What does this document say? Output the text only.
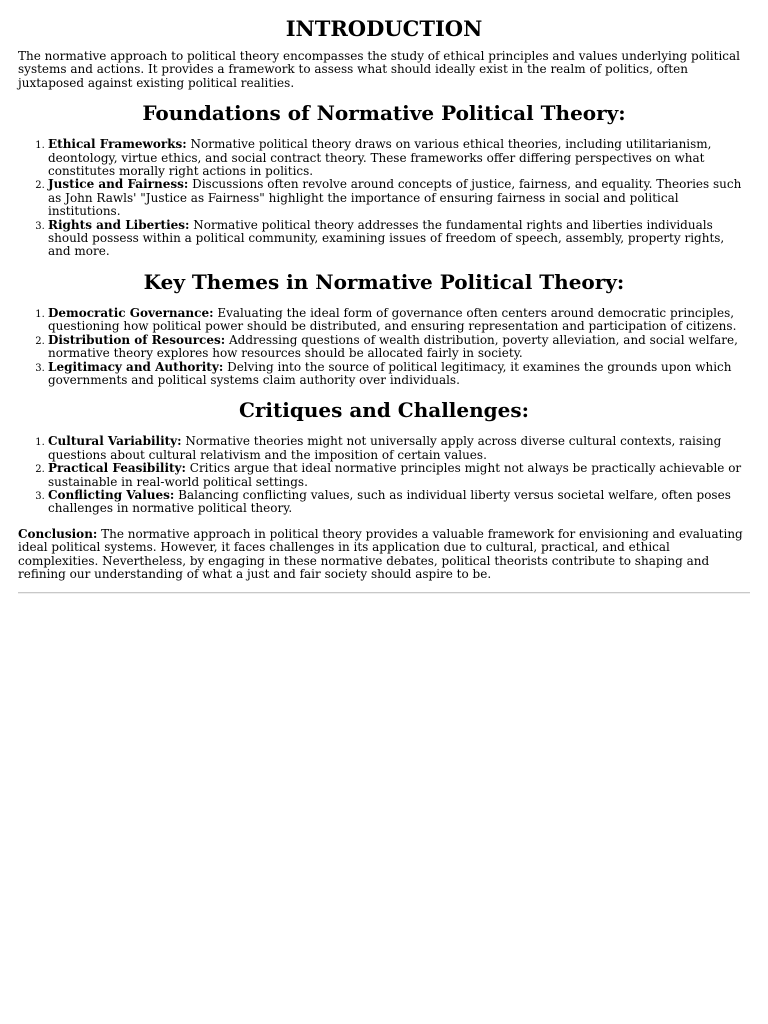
INTRODUCTION

The normative approach to political theory encompasses the study of ethical principles and values underlying political systems and actions. It provides a framework to assess what should ideally exist in the realm of politics, often juxtaposed against existing political realities.

Foundations of Normative Political Theory:
1. Ethical Frameworks: Normative political theory draws on various ethical theories, including utilitarianism, deontology, virtue ethics, and social contract theory. These frameworks offer differing perspectives on what constitutes morally right actions in politics.
2. Justice and Fairness: Discussions often revolve around concepts of justice, fairness, and equality. Theories such as John Rawls' "Justice as Fairness" highlight the importance of ensuring fairness in social and political institutions.
3. Rights and Liberties: Normative political theory addresses the fundamental rights and liberties individuals should possess within a political community, examining issues of freedom of speech, assembly, property rights, and more.
Key Themes in Normative Political Theory:
1. Democratic Governance: Evaluating the ideal form of governance often centers around democratic principles, questioning how political power should be distributed, and ensuring representation and participation of citizens.
2. Distribution of Resources: Addressing questions of wealth distribution, poverty alleviation, and social welfare, normative theory explores how resources should be allocated fairly in society.
3. Legitimacy and Authority: Delving into the source of political legitimacy, it examines the grounds upon which governments and political systems claim authority over individuals.
Critiques and Challenges:
1. Cultural Variability: Normative theories might not universally apply across diverse cultural contexts, raising questions about cultural relativism and the imposition of certain values.
2. Practical Feasibility: Critics argue that ideal normative principles might not always be practically achievable or sustainable in real-world political settings.
3. Conflicting Values: Balancing conflicting values, such as individual liberty versus societal welfare, often poses challenges in normative political theory.

Conclusion: The normative approach in political theory provides a valuable framework for envisioning and evaluating ideal political systems. However, it faces challenges in its application due to cultural, practical, and ethical complexities. Nevertheless, by engaging in these normative debates, political theorists contribute to shaping and refining our understanding of what a just and fair society should aspire to be.
